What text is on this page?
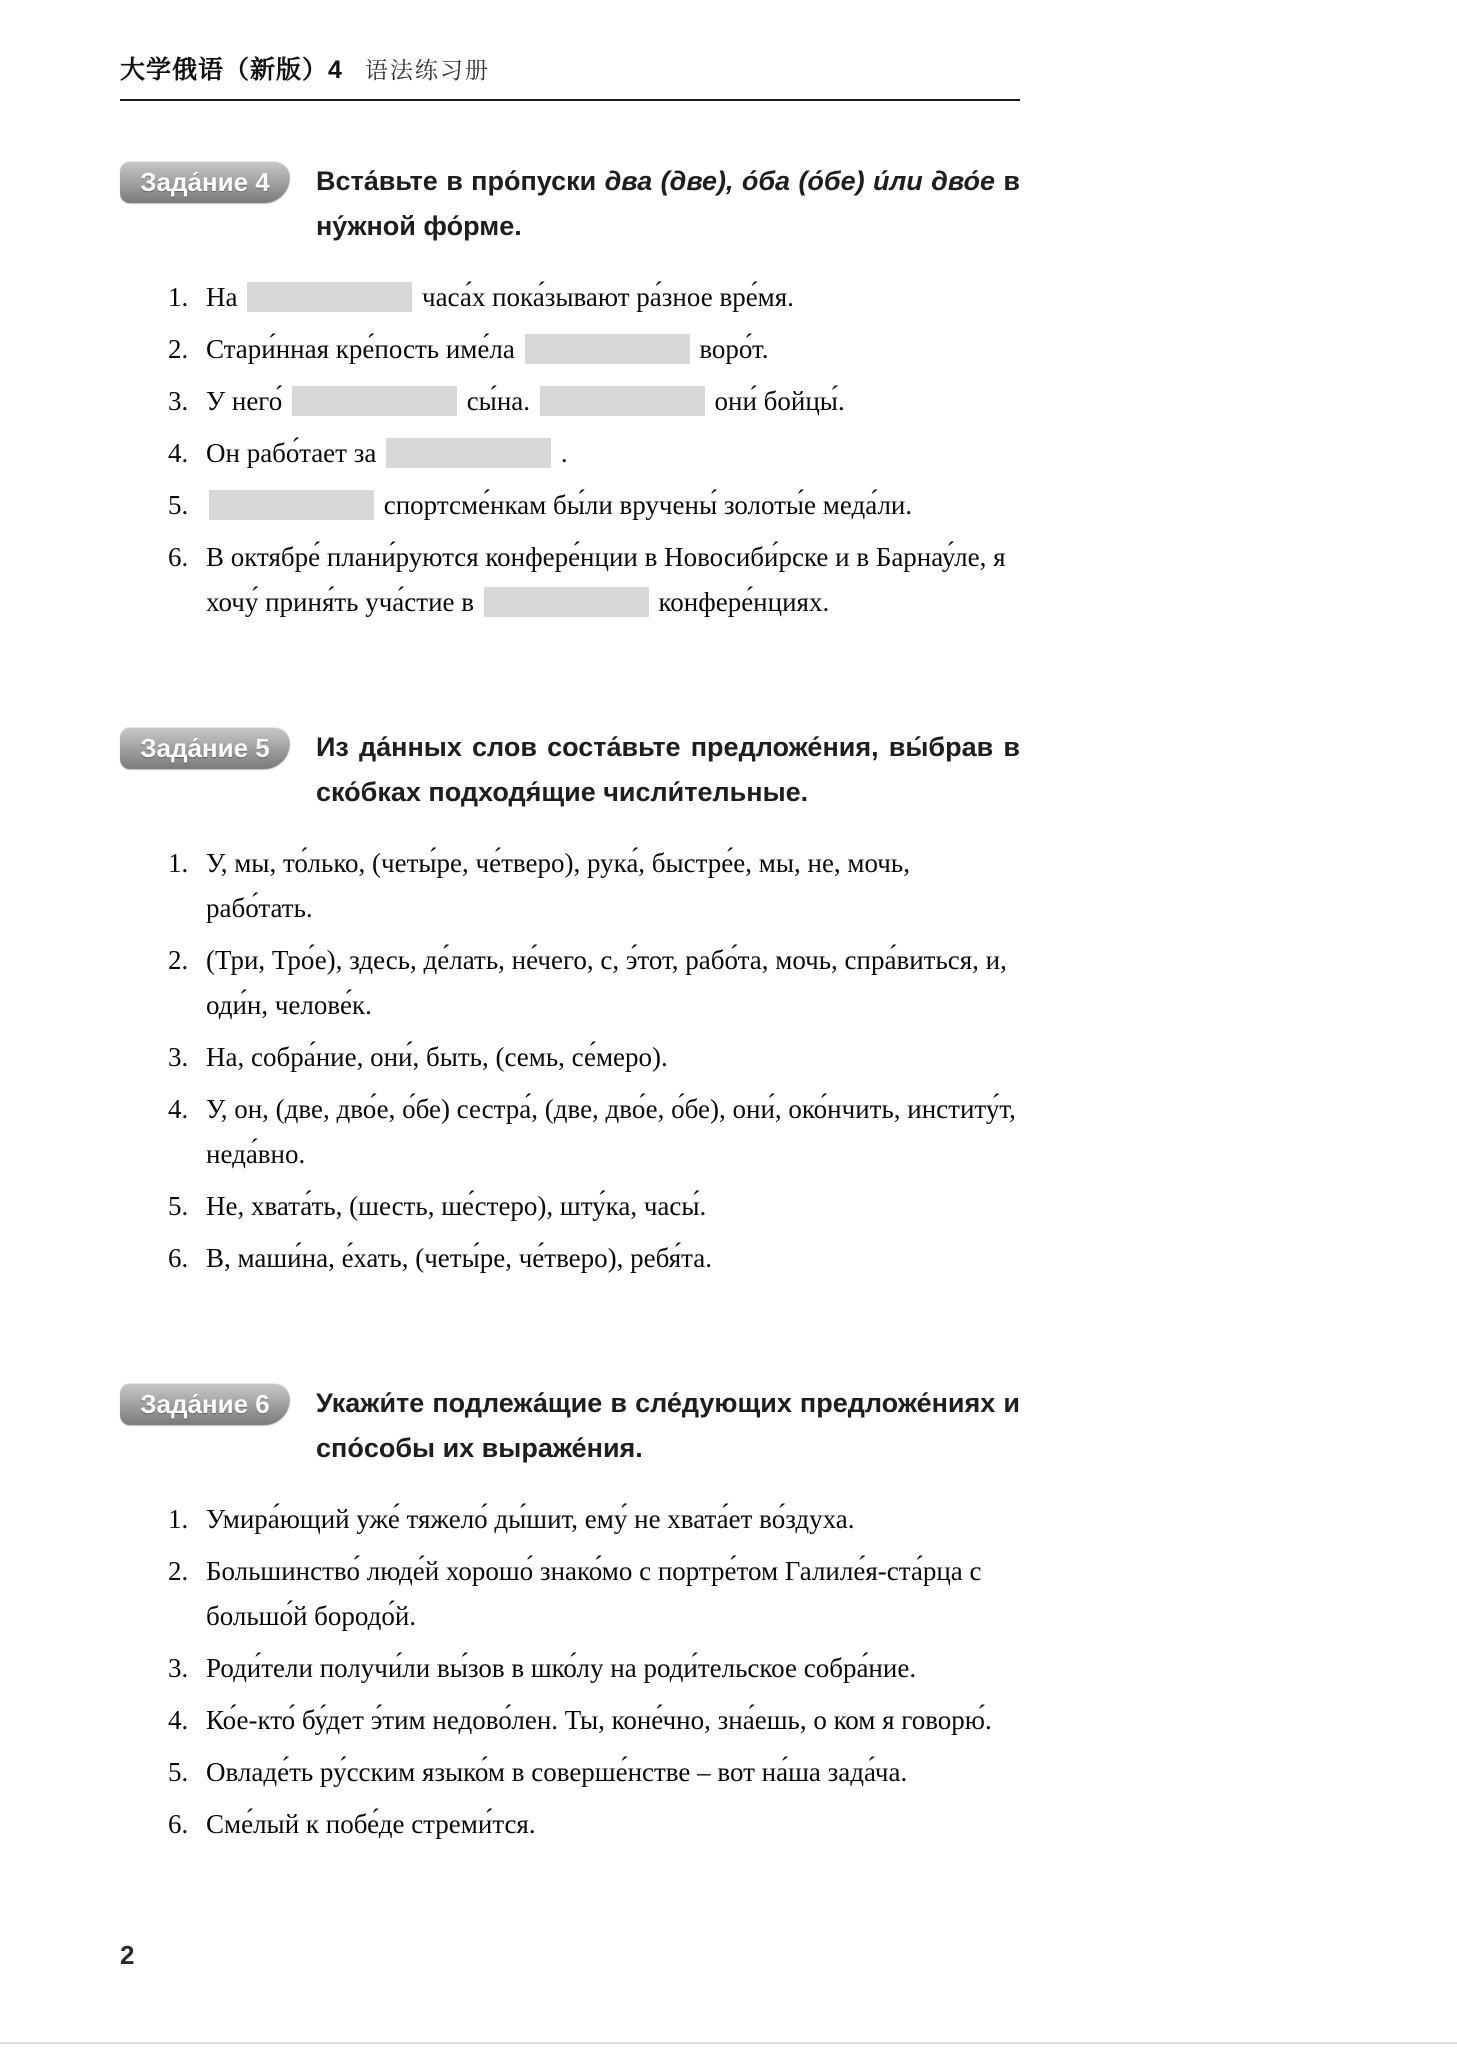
大学俄语（新版）4 语法练习册
Зада́ние 4 Вста́вьте в про́пуски два (две), о́ба (о́бе) и́ли дво́е в ну́жной фо́рме.
1. На	часа́х пока́зывают ра́зное вре́мя.
2. Стари́нная кре́пость име́ла	воро́т.
3. У него́	сы́на.	они́ бойцы́.
4. Он рабо́тает за	.
5.	спортсме́нкам бы́ли вручены́ золоты́е меда́ли.
6. В октябре́ плани́руются конфере́нции в Новосиби́рске и в Барнау́ле, я хочу́ приня́ть уча́стие в	конфере́нциях.
Зада́ние 5 Из да́нных слов соста́вьте предложе́ния, вы́брав в ско́бках подходя́щие числи́тельные.
1. У, мы, то́лько, (четы́ре, че́тверо), рука́, быстре́е, мы, не, мочь, рабо́тать.
2. (Три, Тро́е), здесь, де́лать, не́чего, с, э́тот, рабо́та, мочь, спра́виться, и, оди́н, челове́к.
3. На, собра́ние, они́, быть, (семь, се́меро).
4. У, он, (две, дво́е, о́бе) сестра́, (две, дво́е, о́бе), они́, око́нчить, институ́т, неда́вно.
5. Не, хвата́ть, (шесть, ше́стеро), шту́ка, часы́.
6. В, маши́на, е́хать, (четы́ре, че́тверо), ребя́та.
Зада́ние 6 Укажи́те подлежа́щие в сле́дующих предложе́ниях и спо́собы их выраже́ния.
1. Умира́ющий уже́ тяжело́ ды́шит, ему́ не хвата́ет во́здуха.
2. Большинство́ люде́й хорошо́ знако́мо с портре́том Галиле́я-ста́рца с большо́й бородо́й.
3. Роди́тели получи́ли вы́зов в шко́лу на роди́тельское собра́ние.
4. Ко́е-кто́ бу́дет э́тим недово́лен. Ты, коне́чно, зна́ешь, о ком я говорю́.
5. Овладе́ть ру́сским языко́м в соверше́нстве – вот на́ша зада́ча.
6. Сме́лый к побе́де стреми́тся.
2
